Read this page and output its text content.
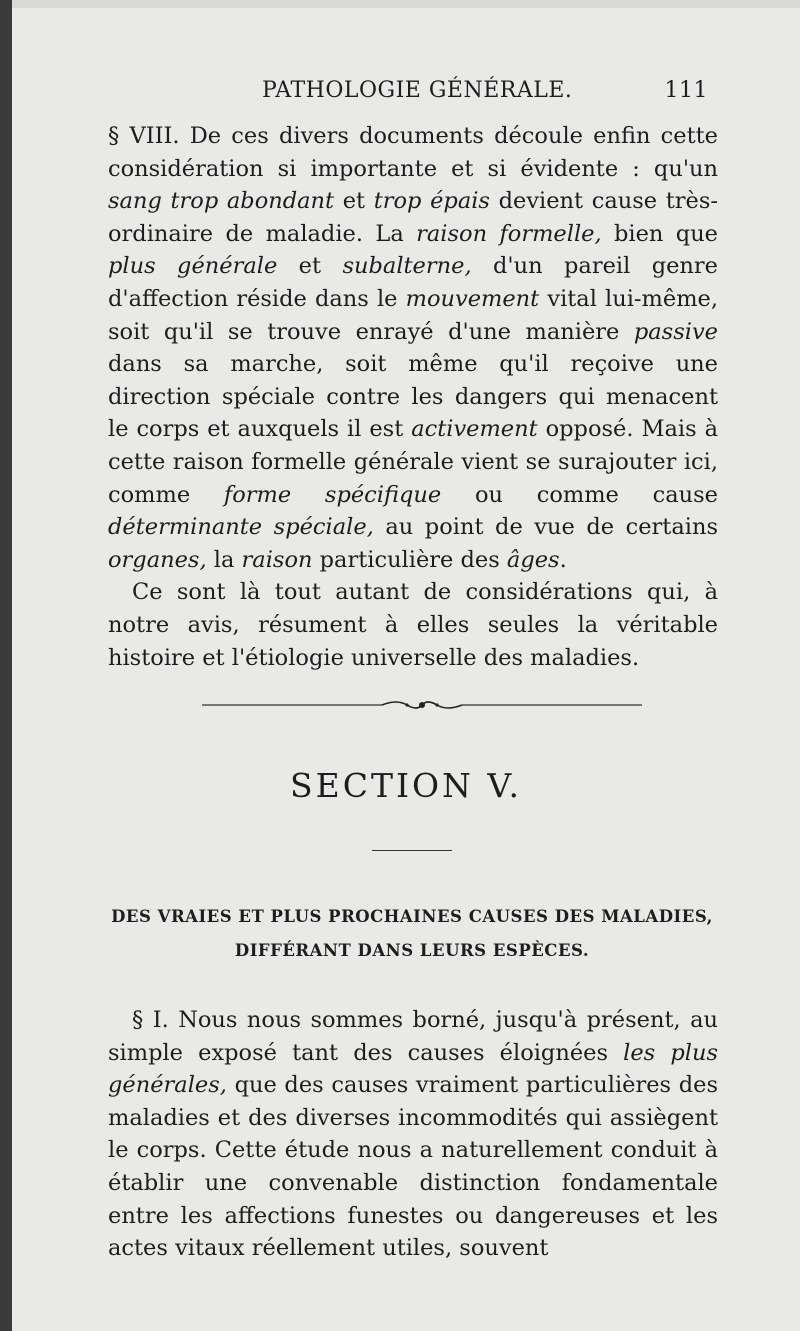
PATHOLOGIE GÉNÉRALE.	111

§ VIII. De ces divers documents découle enfin cette considération si importante et si évidente : qu'un sang trop abondant et trop épais devient cause très-ordinaire de maladie. La raison formelle, bien que plus générale et subalterne, d'un pareil genre d'affection réside dans le mouvement vital lui-même, soit qu'il se trouve enrayé d'une manière passive dans sa marche, soit même qu'il reçoive une direction spéciale contre les dangers qui menacent le corps et auxquels il est activement opposé. Mais à cette raison formelle générale vient se surajouter ici, comme forme spécifique ou comme cause déterminante spéciale, au point de vue de certains organes, la raison particulière des âges.

Ce sont là tout autant de considérations qui, à notre avis, résument à elles seules la véritable histoire et l'étiologie universelle des maladies.

SECTION V.
DES VRAIES ET PLUS PROCHAINES CAUSES DES MALADIES,
DIFFÉRANT DANS LEURS ESPÈCES.

§ I. Nous nous sommes borné, jusqu'à présent, au simple exposé tant des causes éloignées les plus générales, que des causes vraiment particulières des maladies et des diverses incommodités qui assiègent le corps. Cette étude nous a naturellement conduit à établir une convenable distinction fondamentale entre les affections funestes ou dangereuses et les actes vitaux réellement utiles, souvent
